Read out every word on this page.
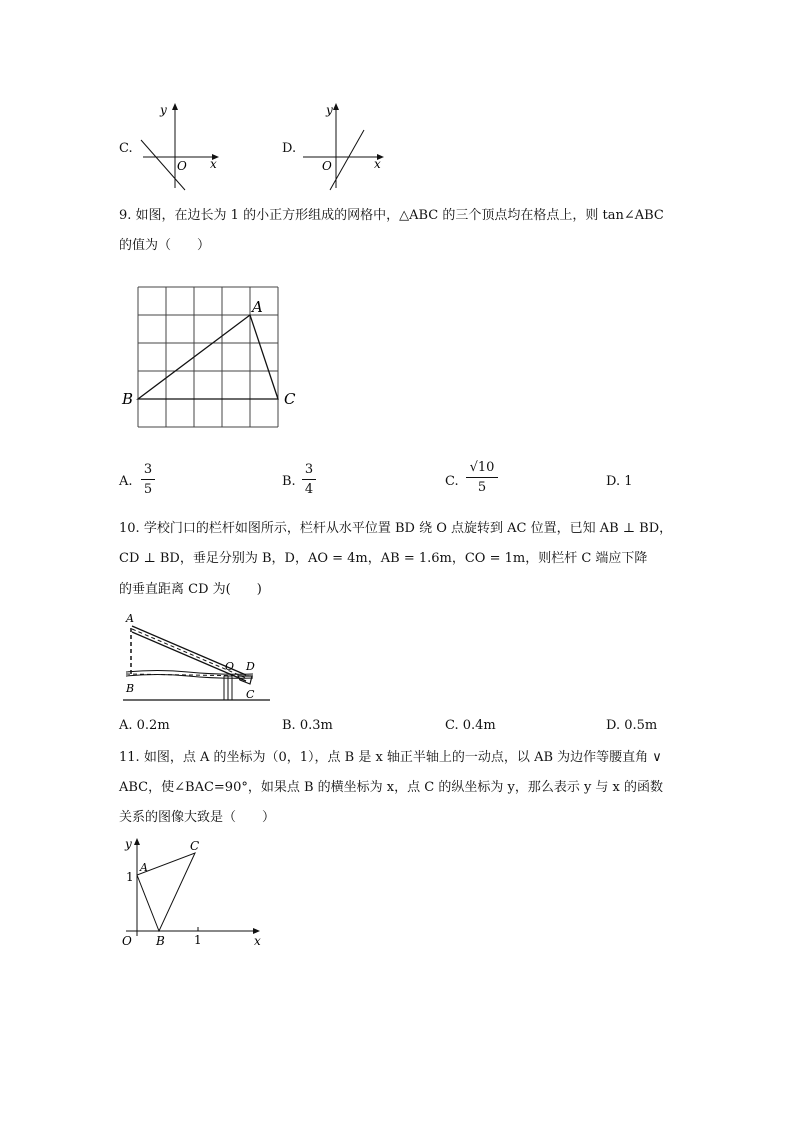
C.
y
O x
D.
y
O	x
9. 如图，在边长为 1 的小正方形组成的网格中，△ABC 的三个顶点均在格点上，则 tan∠ABC
的值为（　　）
A
B	C
A.
3
5
B.
3
4
C.
√10
5	D. 1
10. 学校门口的栏杆如图所示，栏杆从水平位置 BD 绕 O 点旋转到 AC 位置，已知 AB ⊥ BD，
CD ⊥ BD，垂足分别为 B，D，AO = 4m，AB = 1.6m，CO = 1m，则栏杆 C 端应下降
的垂直距离 CD 为(　　)
A
B
O D
C
A. 0.2m	B. 0.3m	C. 0.4m	D. 0.5m
11. 如图，点 A 的坐标为（0，1），点 B 是 x 轴正半轴上的一动点，以 AB 为边作等腰直角 ∨
ABC，使∠BAC=90°，如果点 B 的横坐标为 x，点 C 的纵坐标为 y，那么表示 y 与 x 的函数
关系的图像大致是（　　）
y
1
A
C
O B 1	x
